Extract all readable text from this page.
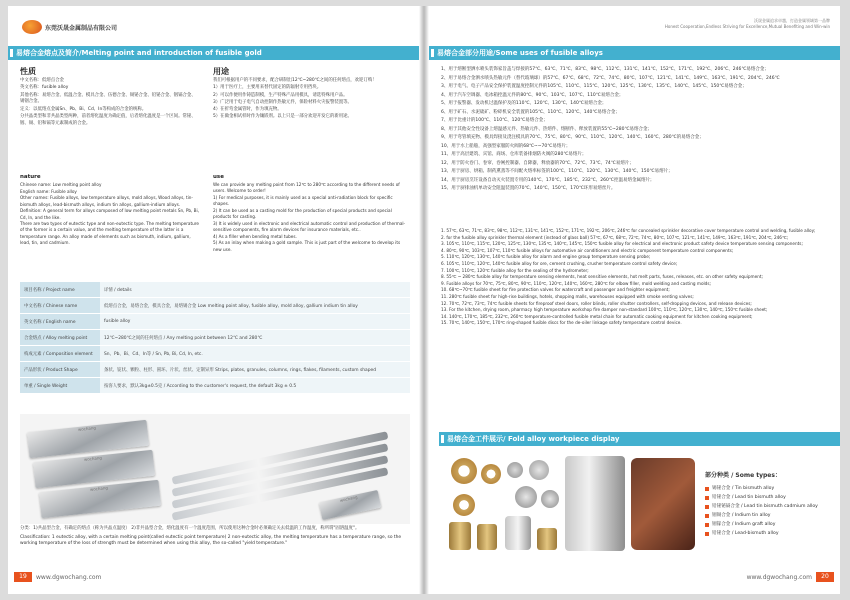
东莞沃晟金属制品有限公司
易熔合金熔点及简介/Melting point and introduction of fusible gold
性质
中文名称：低熔点合金
英文名称：fusible alloy
其他名称：易熔合金、低温合金、模具合金、伍德合金、锡铋合金、铅铋合金、铟镉合金、锡铟合金。
定义：以低熔点金属Sn、Pb、Bi、Cd、In等构成的合金的统称。
分共晶类型和非共晶类型两种，前者熔化温度为确定值，后者熔化温度是一个区间。常铋、铟、锡、铅和镉等元素制成的合金。
用途
我们可根据用户的不同要求，配合研制出12℃~280℃之间的任何熔点，欢迎订购！
1）用于医疗上，主要用来替代固定的防辐射专用挡块。
2）可以作便用作铸造制模，生产特殊产品用模具，请选特殊用户品。
3）广泛用于电子电气自动控制作热敏元件，保险材料火灾报警装置等。
4）在折弯金属管时，作为填充物。
5）在做金相试样时作为镶嵌剂。以上只是一部分欢迎开发它的新用途。
nature
Chinese name: Low melting point alloy
English name: Fusible alloy
Other names: Fusible alloys, low temperature alloys, mold alloys, Wood alloys, tin-bismuth alloys, lead-bismuth alloys, indium tin alloys, gallium-indium alloys.
Definition: A general term for alloys composed of low melting point metals Sn, Pb, Bi, Cd, In, and the like.
There are two types of eutectic type and non-eutectic type. The melting temperature of the former is a certain value, and the melting temperature of the latter is a temperature range. An alloy made of elements such as bismuth, indium, gallium, lead, tin, and cadmium.
use
We can provide any melting point from 12℃ to 280℃ according to the different needs of users. Welcome to order!
1) For medical purposes, it is mainly used as a special anti-radiation block for specific shapes.
2) It can be used as a casting mold for the production of special products and special products for casting.
3) It is widely used in electronic and electrical automatic control and production of thermal-sensitive components, fire alarm devices for insurance materials, etc..
4) As a filler when bending metal tubes.
5) As an inlay when making a gold sample. This is just part of the welcome to develop its new use.
项目名称 / Project name	详情 / details
中文名称 / Chinese name	低熔点合金，易熔合金，模具合金，易熔锡合金 Low melting point alloy, fusible alloy, mold alloy, gallium indium tin alloy
英文名称 / English name	fusible alloy
合金熔点 / Alloy melting point	12℃~280℃之间的任何熔点 / Any melting point between 12℃ and 280℃
构成元素 / Composition element	Sn、Pb、Bi、Cd、In等 / Sn, Pb, Bi, Cd, In, etc.
产品形状 / Product Shape	条状、锭状、颗粒、柱形、圆环、片状、丝状、定制异形 Strips, plates, granules, columns, rings, flakes, filaments, custom shaped
单重 / Single Weight	按客人要求，默认3kg±0.5克 / According to the customer's request, the default 3kg ± 0.5
wochang
wochang
wochang
wochang
分类：1)共晶型合金，有确定的熔点（称为共晶点温度） 2)非共晶型合金，熔化温度有一个温度范围，所以使用这种合金时必须确定关去低温的工作温度，称所谓"固溶温度"。
Classification: 1 eutectic alloy, with a certain melting point(called eutectic point temperature) 2 non-eutectic alloy, the melting temperature has a temperature range, so the working temperature of the loss of strength must be determined when using this alloy, the so-called "yield temperature."
19	www.dgwochang.com
沃晟金属追求卓越，打造金属领域第一品牌
Honest Cooperation,Endless Striving for Excellence,Mutual Benefiting and Win-win
易熔合金部分用途/Some uses of fusible alloys
1、用于熔断型洒水喷头装饰家旨盖与焊接的57℃、63℃、71℃、83℃、98℃、112℃、131℃、141℃、152℃、171℃、192℃、206℃、246℃易熔合金；
2、用于易熔合金洒水喷头热敏元件（替代玻璃球）的57℃、67℃、68℃、72℃、74℃、80℃、107℃、121℃、141℃、149℃、163℃、191℃、204℃、246℃
3、用于电气、电子产品安全保护装置温度控制元件的105℃、110℃、115℃、120℃、125℃、130℃、135℃、140℃、145℃、150℃易熔合金；
4、用于汽车空调器、电冰箱控温元件的80℃、90℃、103℃、107℃、110℃易熔合金；
5、用于报警器、发动机过温保护及的110℃、120℃、130℃、140℃易熔合金；
6、用于矿石、水泥硫矿、粉碎机安全装置的105℃、110℃、120℃、140℃易熔合金；
7、用于比重计的100℃、110℃、120℃易熔合金；
8、用于其他安全性设备上熔温感元件、热敏元件、热熔件、熔断件、释放装置的55℃~280℃易熔合金；
9、用于弯管填充物、模具焊接及浇注模具的70℃、75℃、80℃、90℃、110℃、120℃、140℃、160℃、280℃的易熔合金；
10、用于水上船舶，高强型家服防火阀的68℃~~70℃易熔片；
11、用于高层建筑、宾馆、商场、仓库装备排烟防火阀的280℃易熔片；
12、用于防火卷门、卷帘、卷闸控制器、自降器，释放器的70℃、72℃、73℃、74℃易熔片；
13、用于厨房、烘箱、制药熏蒸等不间配火熔率标签的100℃、110℃、120℃、130℃、140℃、150℃易熔片；
14、用于厨房烹饪设备自动灭火装置专用的140℃、170℃、185℃、232℃、260℃控温易熔金属熔片；
15、用于厨排油机单动安全阻温装置的70℃、140℃、150℃、170℃环形易熔丝片。
1. 57℃, 63℃, 71℃, 83℃, 98℃, 112℃, 131℃, 141℃, 152℃, 171℃, 192℃, 206℃, 246℃ for concealed sprinkler decorative cover temperature control and welding, fusible alloy;
2. for the fusible alloy sprinkler thermal element (instead of glass ball) 57℃, 67℃, 68℃, 72℃, 74℃, 80℃, 107℃, 121℃, 141℃, 149℃, 163℃, 191℃, 204℃, 246℃;
3. 105℃, 110℃, 115℃, 120℃, 125℃, 130℃, 135℃, 140℃, 145℃, 150℃ fusible alloy for electrical and electronic product safety device temperature sensing components;
4. 80℃, 90℃, 103℃, 107℃, 110℃ fusible alloys for automotive air conditioners and electric component temperature control components;
5. 110℃, 120℃, 130℃, 140℃ fusible alloy for alarm and engine group temperature sensing probe;
6. 105℃, 110℃, 120℃, 140℃ fusible alloy for ore, cement crushing, crusher temperature control safety device;
7. 100℃, 110℃, 120℃ fusible alloy for the sealing of the hydrometer;
8. 55℃ ~ 280℃ fusible alloy for temperature sensing elements, heat sensitive elements, hot melt parts, fuses, releases, etc. on other safety equipment;
9. Fusible alloys for 70℃, 75℃, 80℃, 90℃, 110℃, 120℃, 140℃, 160℃, 280℃ for elbow filler, mold welding and casting molds;
10. 68℃~70℃ fusible sheet for fire protection valves for watercraft and passenger and freighter equipment;
11. 280℃ fusible sheet for high-rise buildings, hotels, shopping malls, warehouses equipped with smoke venting valves;
12. 70℃, 72℃, 73℃, 74℃ fusible sheets for fireproof steel doors, roller blinds, roller shutter controllers, self-dropping devices, and release devices;
13. For the kitchen, drying room, pharmacy high temperature workshop fire damper non-standard 100℃, 110℃, 120℃, 130℃, 140℃, 150℃ fusible sheet;
14. 140℃, 170℃, 185℃, 232℃, 260℃ temperature-controlled fusible metal chain for automatic cooking equipment for kitchen cooking equipment;
15. 70℃, 140℃, 150℃, 170℃ ring-shaped fusible discs for the de-oiler linkage safety temperature control device.
易熔合金工件展示/ Fold alloy workpiece display
部分种类 / Some types：
锡铋合金 / Tin bismuth alloy
铅铋合金 / Lead tin bismuth alloy
铅铋铋镉合金 / Lead tin bismuth cadmium alloy
铟锡合金 / Indium tin alloy
铟镓合金 / Indium graft alloy
铅铋合金 / Lead-bismuth alloy
www.dgwochang.com	20
